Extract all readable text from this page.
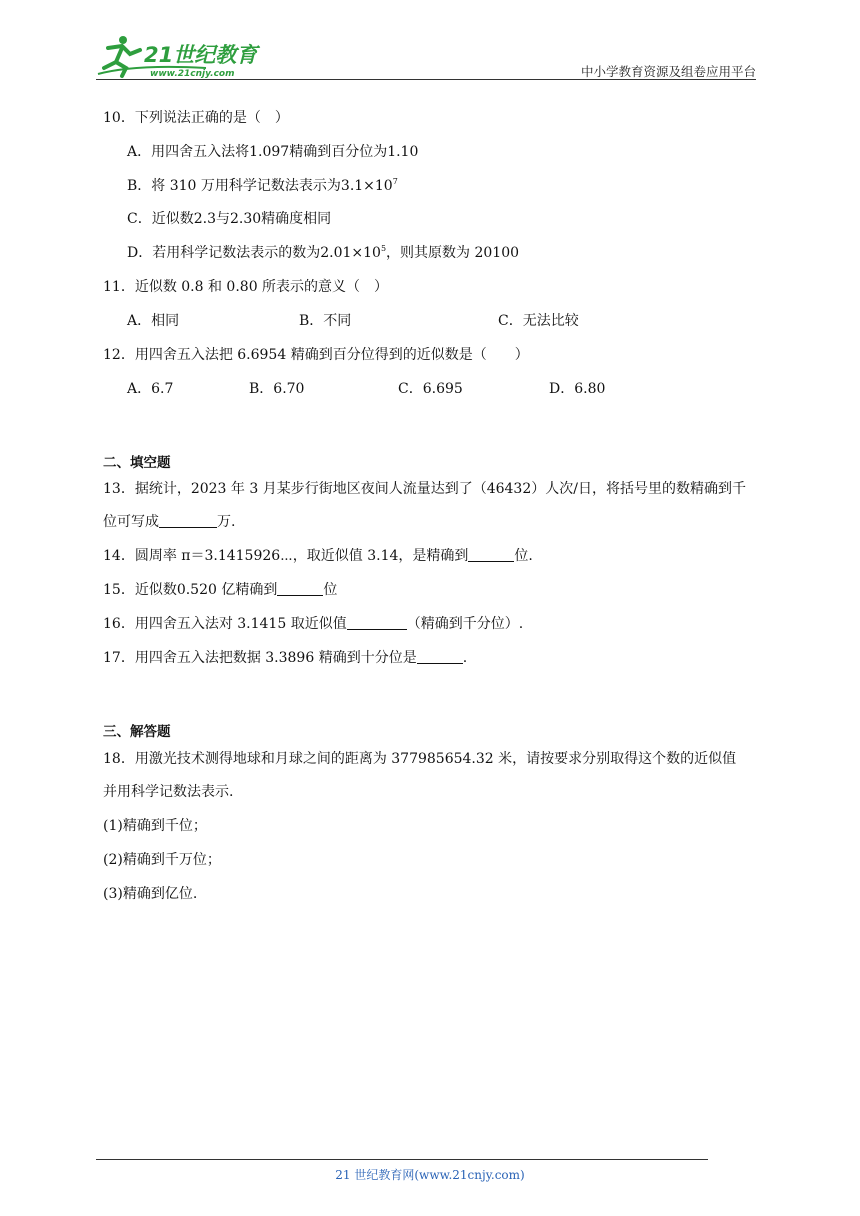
21世纪教育
www.21cnjy.com	中小学教育资源及组卷应用平台
10．下列说法正确的是（　）
A．用四舍五入法将1.097精确到百分位为1.10
B．将 310 万用科学记数法表示为$3.1\times 10^7$
C．近似数2.3与2.30精确度相同
D．若用科学记数法表示的数为$2.01\times 10^5$，则其原数为 20100
11．近似数 0.8 和 0.80 所表示的意义（　）
A．相同	B．不同	C．无法比较
12．用四舍五入法把 6.6954 精确到百分位得到的近似数是（　　）
A．6.7	B．6.70	C．6.695	D．6.80
二、填空题
13．据统计，2023 年 3 月某步行街地区夜间人流量达到了（46432）人次/日，将括号里的数精确到千
位可写成	万.
14．圆周率 π＝3.1415926⋯，取近似值 3.14，是精确到	位.
15．近似数0.520 亿精确到	位
16．用四舍五入法对 3.1415 取近似值	（精确到千分位）.
17．用四舍五入法把数据 3.3896 精确到十分位是	.
三、解答题
18．用激光技术测得地球和月球之间的距离为 377985654.32 米，请按要求分别取得这个数的近似值
并用科学记数法表示.
(1)精确到千位；
(2)精确到千万位；
(3)精确到亿位.
21 世纪教育网(www.21cnjy.com)
